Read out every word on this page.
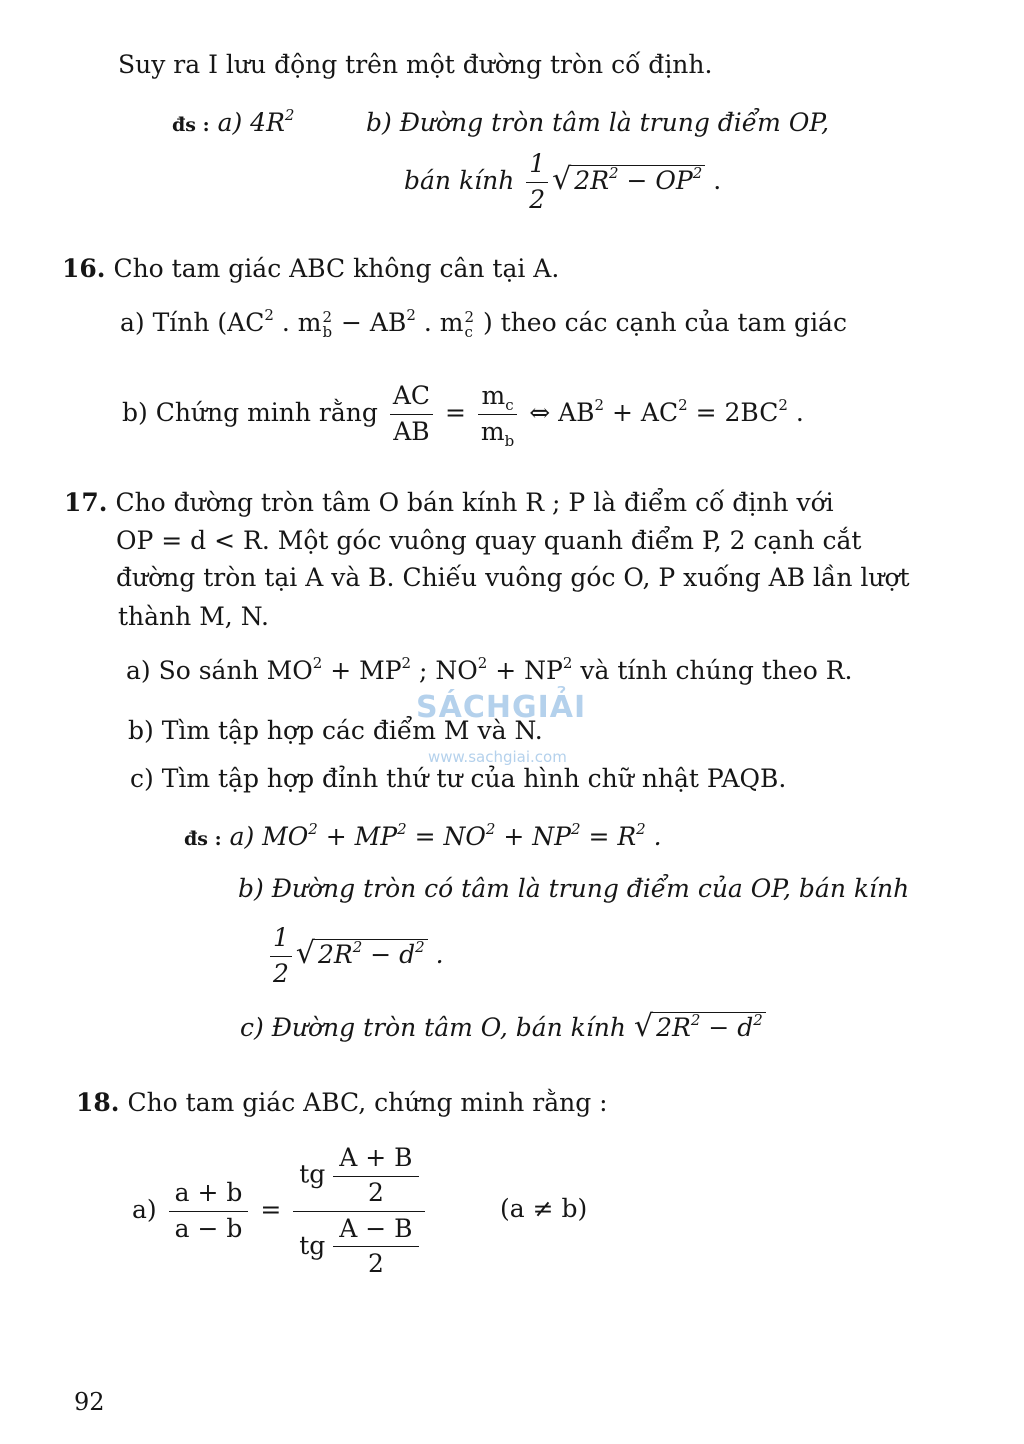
Suy ra I lưu động trên một đường tròn cố định.
đs : a) $4R^2$	b) Đường tròn tâm là trung điểm OP,
bán kính $\frac{1}{2}$ √ $2R^2 - OP^2$ .
16. Cho tam giác ABC không cân tại A.
a) Tính ($AC^2$ . m 2
$b - AB^2$ . m 2
c ) theo các cạnh của tam giác
b) Chứng minh rằng $\frac{AC}{AB} = \frac{m_c}{m_b}$ ⇔ $AB^2 + AC^2 = 2BC^2$ .
17. Cho đường tròn tâm O bán kính R ; P là điểm cố định với
OP = d < R. Một góc vuông quay quanh điểm P, 2 cạnh cắt
đường tròn tại A và B. Chiếu vuông góc O, P xuống AB lần lượt
thành M, N.
a) So sánh $MO^2 + MP^2$ ; $NO^2 + NP^2$ và tính chúng theo R.
b) Tìm tập hợp các điểm M và N.
c) Tìm tập hợp đỉnh thứ tư của hình chữ nhật PAQB.
đs : a) $MO^2 + MP^2 = NO^2 + NP^2 = R^2$ .
b) Đường tròn có tâm là trung điểm của OP, bán kính
$\frac{1}{2}$ √ $2R^2 - d^2$ .
c) Đường tròn tâm O, bán kính √ $2R^2 - d^2$
18. Cho tam giác ABC, chứng minh rằng :
$a) \frac{a + b}{a - b} = \frac{tg \frac{A + B}{2}}{tg \frac{A - B}{2}}$	(a ≠ b)
92
SÁCHGIẢI
www.sachgiai.com
